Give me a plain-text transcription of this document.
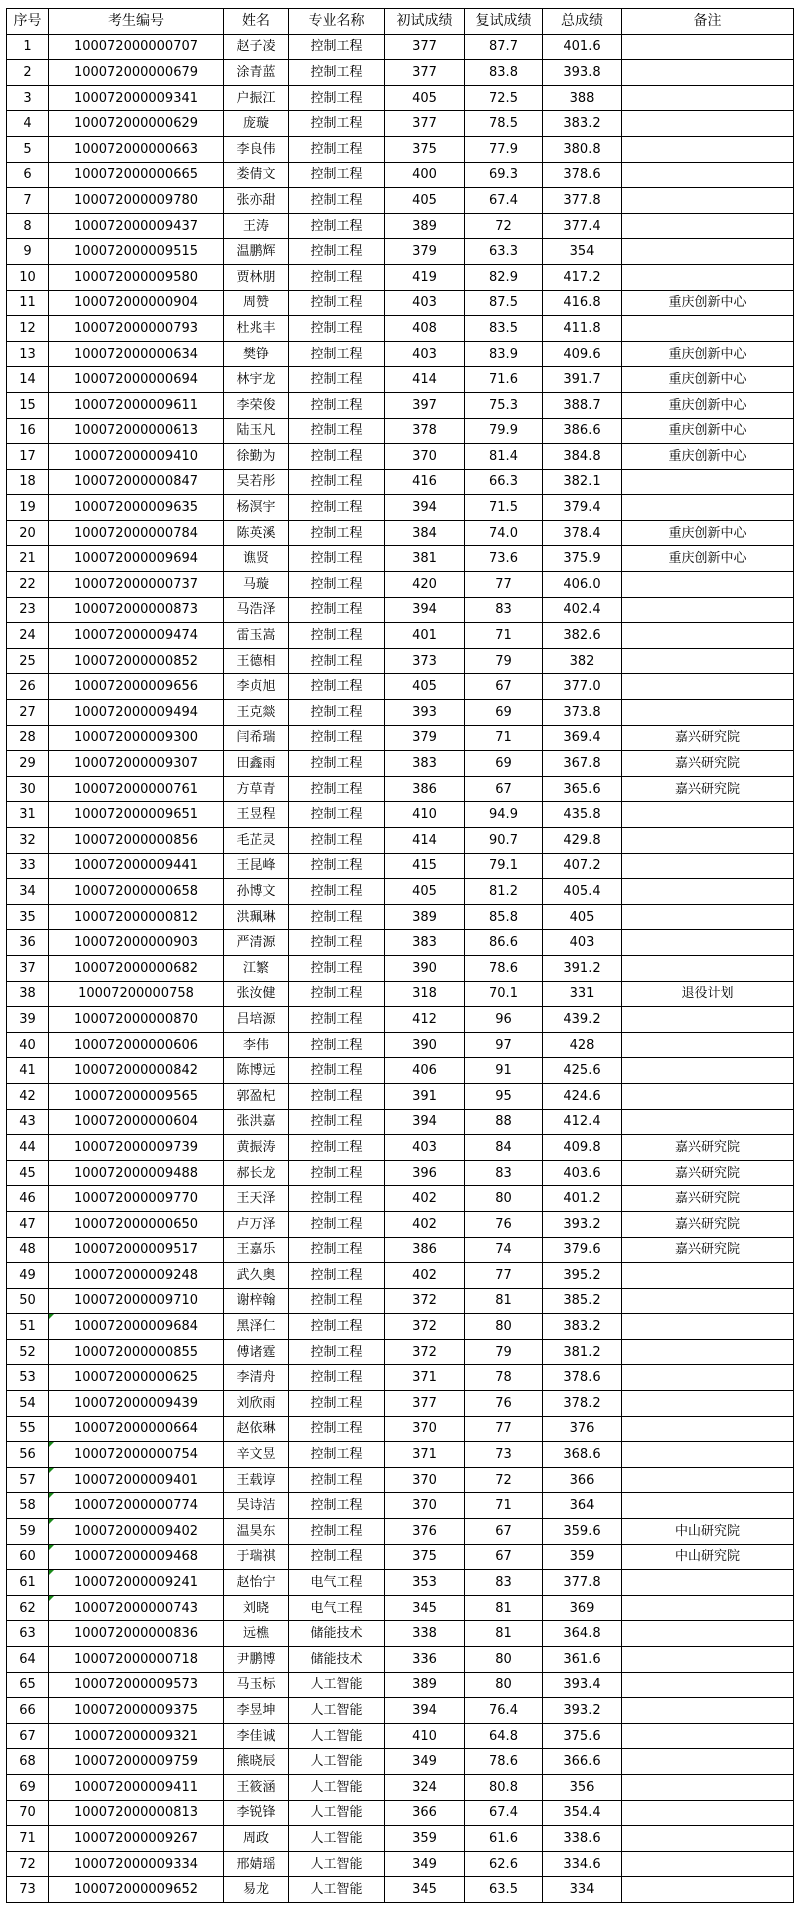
序号	考生编号	姓名	专业名称	初试成绩	复试成绩	总成绩	备注
1	100072000000707	赵子凌	控制工程	377	87.7	401.6	
2	100072000000679	涂青蓝	控制工程	377	83.8	393.8	
3	100072000009341	户振江	控制工程	405	72.5	388	
4	100072000000629	庞璇	控制工程	377	78.5	383.2	
5	100072000000663	李良伟	控制工程	375	77.9	380.8	
6	100072000000665	娄倩文	控制工程	400	69.3	378.6	
7	100072000009780	张亦甜	控制工程	405	67.4	377.8	
8	100072000009437	王涛	控制工程	389	72	377.4	
9	100072000009515	温鹏辉	控制工程	379	63.3	354	
10	100072000009580	贾林朋	控制工程	419	82.9	417.2	
11	100072000000904	周赞	控制工程	403	87.5	416.8	重庆创新中心
12	100072000000793	杜兆丰	控制工程	408	83.5	411.8	
13	100072000000634	樊铮	控制工程	403	83.9	409.6	重庆创新中心
14	100072000000694	林宇龙	控制工程	414	71.6	391.7	重庆创新中心
15	100072000009611	李荣俊	控制工程	397	75.3	388.7	重庆创新中心
16	100072000000613	陆玉凡	控制工程	378	79.9	386.6	重庆创新中心
17	100072000009410	徐勤为	控制工程	370	81.4	384.8	重庆创新中心
18	100072000000847	吴若彤	控制工程	416	66.3	382.1	
19	100072000009635	杨溟宇	控制工程	394	71.5	379.4	
20	100072000000784	陈英溪	控制工程	384	74.0	378.4	重庆创新中心
21	100072000009694	谯贤	控制工程	381	73.6	375.9	重庆创新中心
22	100072000000737	马璇	控制工程	420	77	406.0	
23	100072000000873	马浩泽	控制工程	394	83	402.4	
24	100072000009474	雷玉嵩	控制工程	401	71	382.6	
25	100072000000852	王德相	控制工程	373	79	382	
26	100072000009656	李贞旭	控制工程	405	67	377.0	
27	100072000009494	王克燚	控制工程	393	69	373.8	
28	100072000009300	闫希瑞	控制工程	379	71	369.4	嘉兴研究院
29	100072000009307	田鑫雨	控制工程	383	69	367.8	嘉兴研究院
30	100072000000761	方草青	控制工程	386	67	365.6	嘉兴研究院
31	100072000009651	王昱程	控制工程	410	94.9	435.8	
32	100072000000856	毛芷灵	控制工程	414	90.7	429.8	
33	100072000009441	王昆峰	控制工程	415	79.1	407.2	
34	100072000000658	孙博文	控制工程	405	81.2	405.4	
35	100072000000812	洪珮琳	控制工程	389	85.8	405	
36	100072000000903	严清源	控制工程	383	86.6	403	
37	100072000000682	江繁	控制工程	390	78.6	391.2	
38	10007200000758	张汝健	控制工程	318	70.1	331	退役计划
39	100072000000870	吕培源	控制工程	412	96	439.2	
40	100072000000606	李伟	控制工程	390	97	428	
41	100072000000842	陈博远	控制工程	406	91	425.6	
42	100072000009565	郭盈杞	控制工程	391	95	424.6	
43	100072000000604	张洪嘉	控制工程	394	88	412.4	
44	100072000009739	黄振涛	控制工程	403	84	409.8	嘉兴研究院
45	100072000009488	郝长龙	控制工程	396	83	403.6	嘉兴研究院
46	100072000009770	王天泽	控制工程	402	80	401.2	嘉兴研究院
47	100072000000650	卢万泽	控制工程	402	76	393.2	嘉兴研究院
48	100072000009517	王嘉乐	控制工程	386	74	379.6	嘉兴研究院
49	100072000009248	武久奥	控制工程	402	77	395.2	
50	100072000009710	谢梓翰	控制工程	372	81	385.2	
51	100072000009684	黑泽仁	控制工程	372	80	383.2	
52	100072000000855	傅诸霆	控制工程	372	79	381.2	
53	100072000000625	李清舟	控制工程	371	78	378.6	
54	100072000009439	刘欣雨	控制工程	377	76	378.2	
55	100072000000664	赵依琳	控制工程	370	77	376	
56	100072000000754	辛文昱	控制工程	371	73	368.6	
57	100072000009401	王载谆	控制工程	370	72	366	
58	100072000000774	吴诗洁	控制工程	370	71	364	
59	100072000009402	温昊东	控制工程	376	67	359.6	中山研究院
60	100072000009468	于瑞祺	控制工程	375	67	359	中山研究院
61	100072000009241	赵怡宁	电气工程	353	83	377.8	
62	100072000000743	刘晓	电气工程	345	81	369	
63	100072000000836	远樵	储能技术	338	81	364.8	
64	100072000000718	尹鹏博	储能技术	336	80	361.6	
65	100072000009573	马玉标	人工智能	389	80	393.4	
66	100072000009375	李昱坤	人工智能	394	76.4	393.2	
67	100072000009321	李佳诚	人工智能	410	64.8	375.6	
68	100072000009759	熊晓辰	人工智能	349	78.6	366.6	
69	100072000009411	王筱涵	人工智能	324	80.8	356	
70	100072000000813	李锐锋	人工智能	366	67.4	354.4	
71	100072000009267	周政	人工智能	359	61.6	338.6	
72	100072000009334	邢婧瑶	人工智能	349	62.6	334.6	
73	100072000009652	易龙	人工智能	345	63.5	334	
